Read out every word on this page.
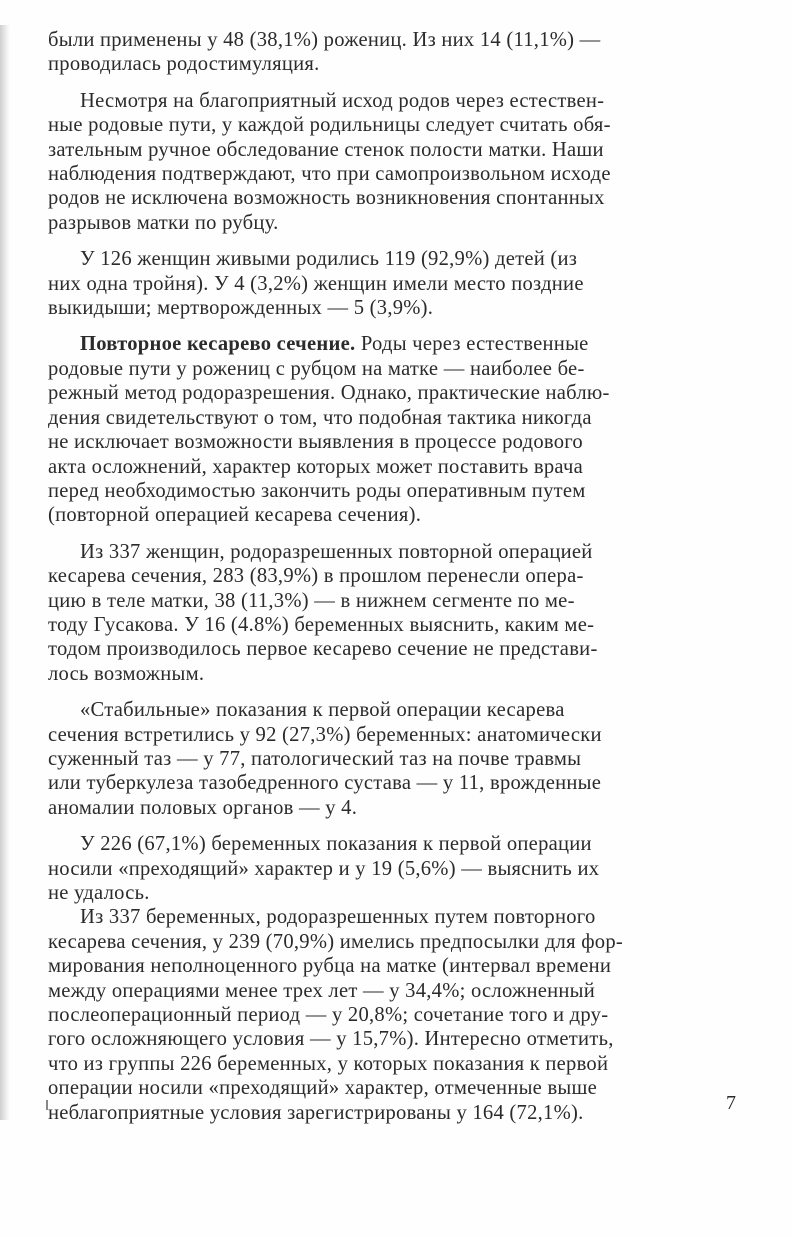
были применены у 48 (38,1%) рожениц. Из них 14 (11,1%) —
проводилась родостимуляция.

Несмотря на благоприятный исход родов через естествен-
ные родовые пути, у каждой родильницы следует считать обя-
зательным ручное обследование стенок полости матки. Наши
наблюдения подтверждают, что при самопроизвольном исходе
родов не исключена возможность возникновения спонтанных
разрывов матки по рубцу.

У 126 женщин живыми родились 119 (92,9%) детей (из
них одна тройня). У 4 (3,2%) женщин имели место поздние
выкидыши; мертворожденных — 5 (3,9%).

Повторное кесарево сечение. Роды через естественные
родовые пути у рожениц с рубцом на матке — наиболее бе-
режный метод родоразрешения. Однако, практические наблю-
дения свидетельствуют о том, что подобная тактика никогда
не исключает возможности выявления в процессе родового
акта осложнений, характер которых может поставить врача
перед необходимостью закончить роды оперативным путем
(повторной операцией кесарева сечения).

Из 337 женщин, родоразрешенных повторной операцией
кесарева сечения, 283 (83,9%) в прошлом перенесли опера-
цию в теле матки, 38 (11,3%) — в нижнем сегменте по ме-
тоду Гусакова. У 16 (4.8%) беременных выяснить, каким ме-
тодом производилось первое кесарево сечение не представи-
лось возможным.

«Стабильные» показания к первой операции кесарева
сечения встретились у 92 (27,3%) беременных: анатомически
суженный таз — у 77, патологический таз на почве травмы
или туберкулеза тазобедренного сустава — у 11, врожденные
аномалии половых органов — у 4.

У 226 (67,1%) беременных показания к первой операции
носили «преходящий» характер и у 19 (5,6%) — выяснить их
не удалось.

Из 337 беременных, родоразрешенных путем повторного
кесарева сечения, у 239 (70,9%) имелись предпосылки для фор-
мирования неполноценного рубца на матке (интервал времени
между операциями менее трех лет — у 34,4%; осложненный
послеоперационный период — у 20,8%; сочетание того и дру-
гого осложняющего условия — у 15,7%). Интересно отметить,
что из группы 226 беременных, у которых показания к первой
операции носили «преходящий» характер, отмеченные выше
неблагоприятные условия зарегистрированы у 164 (72,1%).	7
